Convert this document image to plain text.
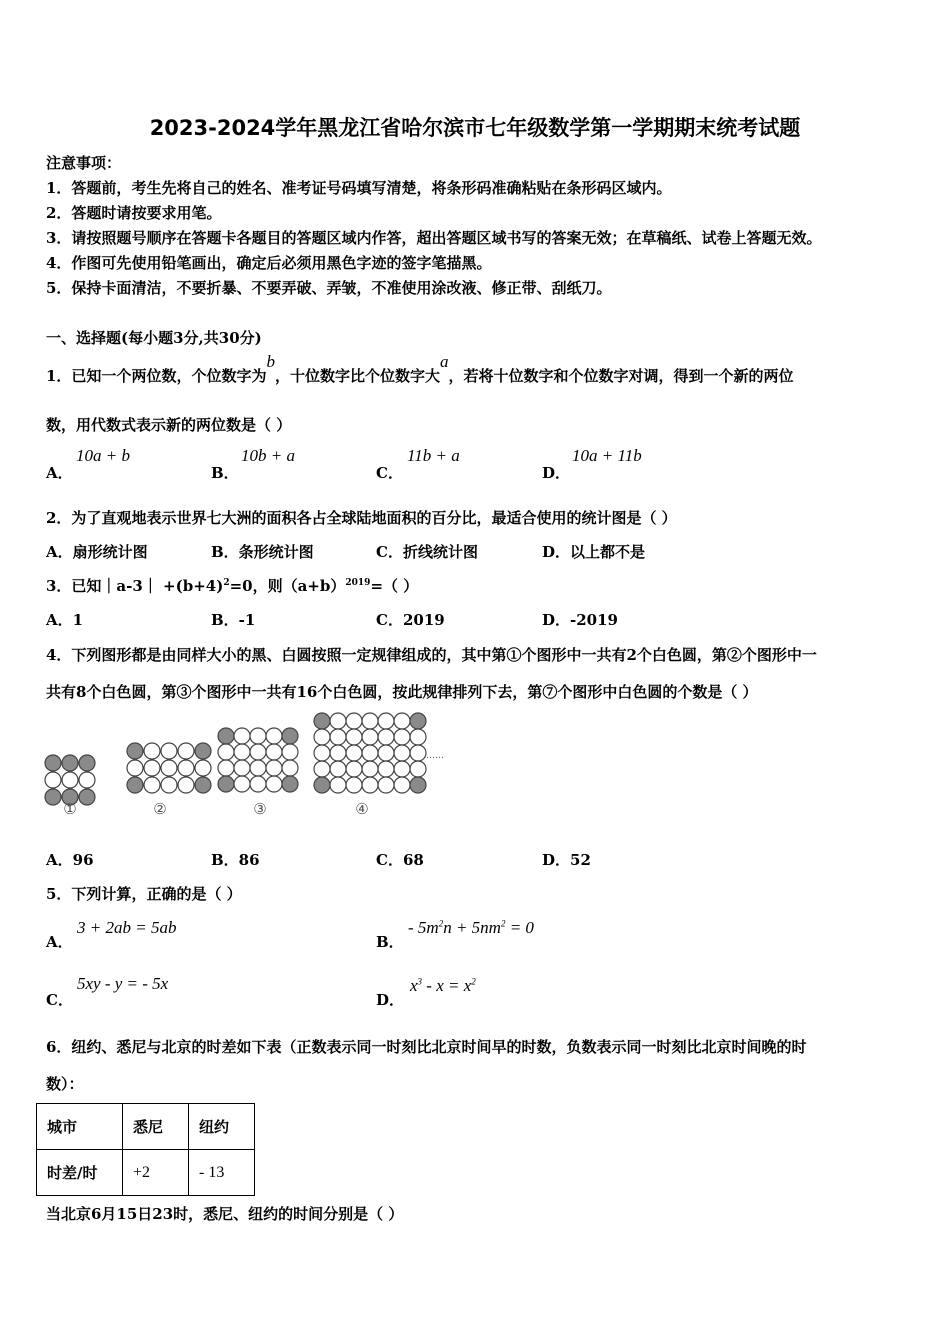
2023-2024学年黑龙江省哈尔滨市七年级数学第一学期期末统考试题
注意事项：
1．答题前，考生先将自己的姓名、准考证号码填写清楚，将条形码准确粘贴在条形码区域内。
2．答题时请按要求用笔。
3．请按照题号顺序在答题卡各题目的答题区域内作答，超出答题区域书写的答案无效；在草稿纸、试卷上答题无效。
4．作图可先使用铅笔画出，确定后必须用黑色字迹的签字笔描黑。
5．保持卡面清洁，不要折暴、不要弄破、弄皱，不准使用涂改液、修正带、刮纸刀。
一、选择题(每小题3分,共30分)
1．已知一个两位数，个位数字为b，十位数字比个位数字大a，若将十位数字和个位数字对调，得到一个新的两位
数，用代数式表示新的两位数是（ ）
A．
10a + b
B．
10b + a
C．
11b + a
D．
10a + 11b
2．为了直观地表示世界七大洲的面积各占全球陆地面积的百分比，最适合使用的统计图是（ ）
A．扇形统计图	B．条形统计图	C．折线统计图	D．以上都不是
3．已知｜a-3｜ $+(b+4)^2=0$，则$(a+b)^{2019}=$（ ）
A．1	B．-1	C．2019	D．-2019
4．下列图形都是由同样大小的黑、白圆按照一定规律组成的，其中第①个图形中一共有2个白色圆，第②个图形中一
共有8个白色圆，第③个图形中一共有16个白色圆，按此规律排列下去，第⑦个图形中白色圆的个数是（ ）
①	②	③	④
……
A．96	B．86	C．68	D．52
5．下列计算，正确的是（ ）
A．
3 + 2ab = 5ab
B．
- $5m^2n + 5nm^2 = 0$
C．
5xy - y = - 5x
D．
$x^3 - x = x^2$
6．纽约、悉尼与北京的时差如下表（正数表示同一时刻比北京时间早的时数，负数表示同一时刻比北京时间晚的时
数）：
城市	悉尼	纽约
时差/时	+2	- 13
当北京6月15日23时，悉尼、纽约的时间分别是（ ）
